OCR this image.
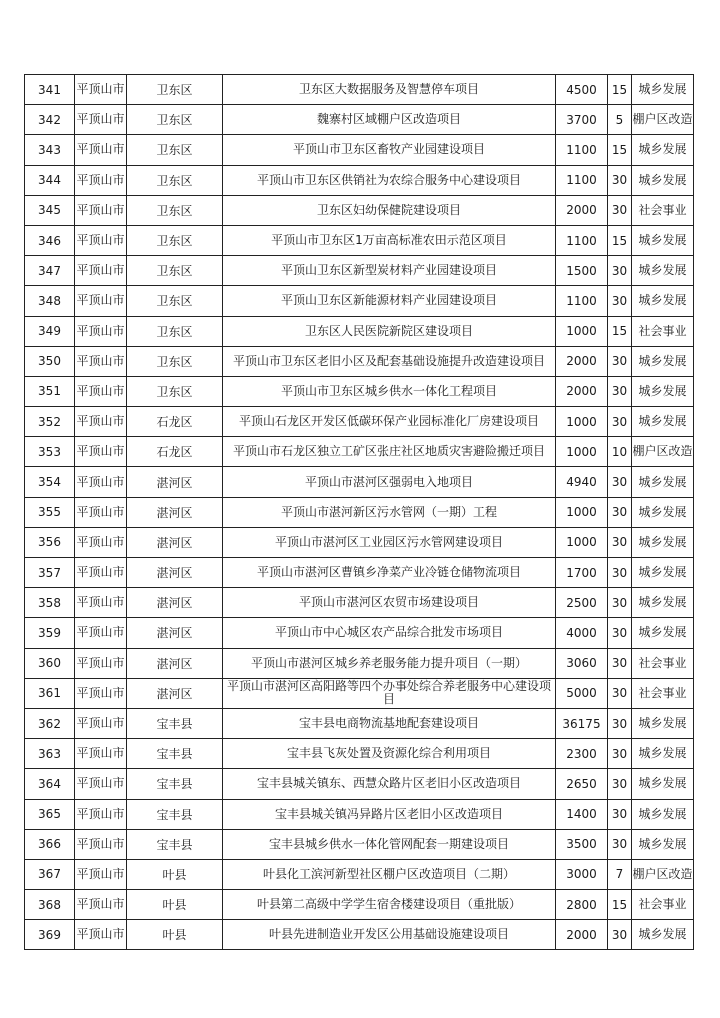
341	平顶山市	卫东区	卫东区大数据服务及智慧停车项目	4500	15	城乡发展
342	平顶山市	卫东区	魏寨村区域棚户区改造项目	3700	5	棚户区改造
343	平顶山市	卫东区	平顶山市卫东区畜牧产业园建设项目	1100	15	城乡发展
344	平顶山市	卫东区	平顶山市卫东区供销社为农综合服务中心建设项目	1100	30	城乡发展
345	平顶山市	卫东区	卫东区妇幼保健院建设项目	2000	30	社会事业
346	平顶山市	卫东区	平顶山市卫东区1万亩高标准农田示范区项目	1100	15	城乡发展
347	平顶山市	卫东区	平顶山卫东区新型炭材料产业园建设项目	1500	30	城乡发展
348	平顶山市	卫东区	平顶山卫东区新能源材料产业园建设项目	1100	30	城乡发展
349	平顶山市	卫东区	卫东区人民医院新院区建设项目	1000	15	社会事业
350	平顶山市	卫东区	平顶山市卫东区老旧小区及配套基础设施提升改造建设项目	2000	30	城乡发展
351	平顶山市	卫东区	平顶山市卫东区城乡供水一体化工程项目	2000	30	城乡发展
352	平顶山市	石龙区	平顶山石龙区开发区低碳环保产业园标准化厂房建设项目	1000	30	城乡发展
353	平顶山市	石龙区	平顶山市石龙区独立工矿区张庄社区地质灾害避险搬迁项目	1000	10	棚户区改造
354	平顶山市	湛河区	平顶山市湛河区强弱电入地项目	4940	30	城乡发展
355	平顶山市	湛河区	平顶山市湛河新区污水管网（一期）工程	1000	30	城乡发展
356	平顶山市	湛河区	平顶山市湛河区工业园区污水管网建设项目	1000	30	城乡发展
357	平顶山市	湛河区	平顶山市湛河区曹镇乡净菜产业冷链仓储物流项目	1700	30	城乡发展
358	平顶山市	湛河区	平顶山市湛河区农贸市场建设项目	2500	30	城乡发展
359	平顶山市	湛河区	平顶山市中心城区农产品综合批发市场项目	4000	30	城乡发展
360	平顶山市	湛河区	平顶山市湛河区城乡养老服务能力提升项目（一期）	3060	30	社会事业
361	平顶山市	湛河区	平顶山市湛河区高阳路等四个办事处综合养老服务中心建设项目	5000	30	社会事业
362	平顶山市	宝丰县	宝丰县电商物流基地配套建设项目	36175	30	城乡发展
363	平顶山市	宝丰县	宝丰县飞灰处置及资源化综合利用项目	2300	30	城乡发展
364	平顶山市	宝丰县	宝丰县城关镇东、西慧众路片区老旧小区改造项目	2650	30	城乡发展
365	平顶山市	宝丰县	宝丰县城关镇冯异路片区老旧小区改造项目	1400	30	城乡发展
366	平顶山市	宝丰县	宝丰县城乡供水一体化管网配套一期建设项目	3500	30	城乡发展
367	平顶山市	叶县	叶县化工滨河新型社区棚户区改造项目（二期）	3000	7	棚户区改造
368	平顶山市	叶县	叶县第二高级中学学生宿舍楼建设项目（重批版）	2800	15	社会事业
369	平顶山市	叶县	叶县先进制造业开发区公用基础设施建设项目	2000	30	城乡发展
